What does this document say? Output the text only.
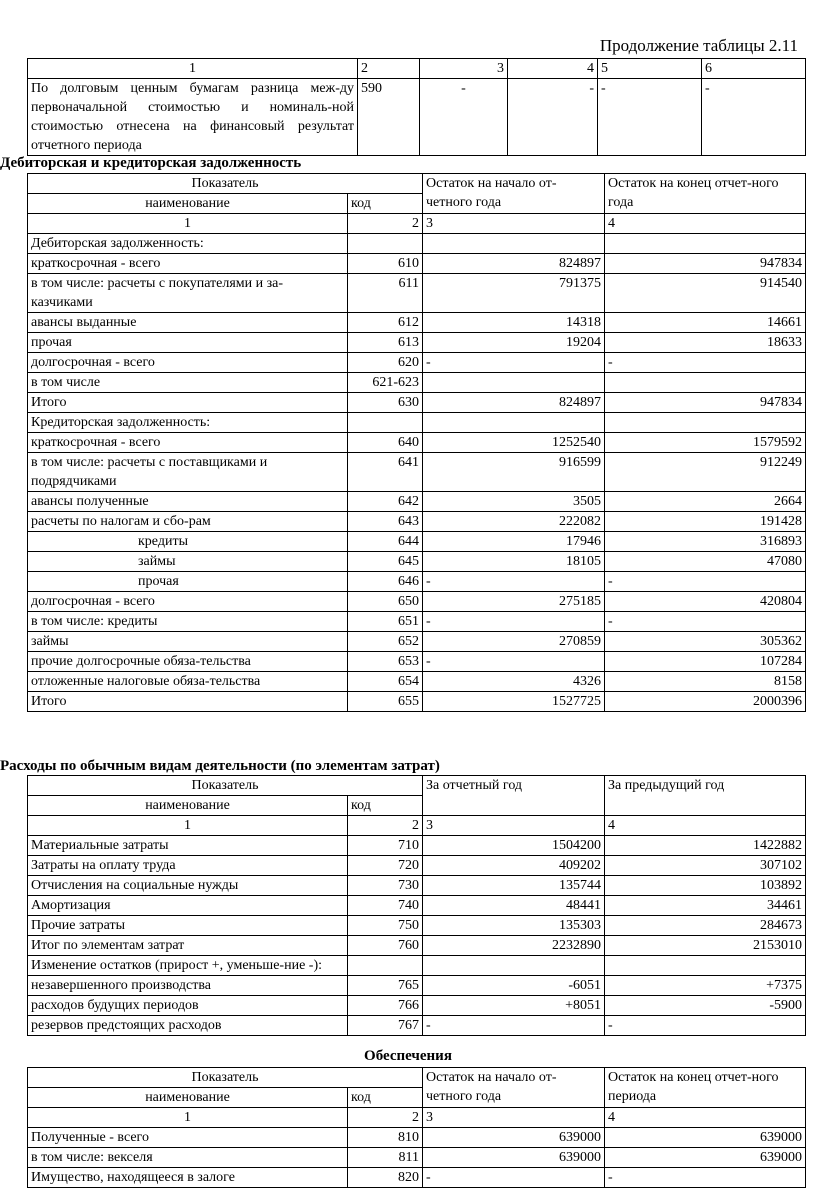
Продолжение таблицы 2.11
1	2	3	4	5	6
По долговым ценным бумагам разница меж-ду первоначальной стоимостью и номиналь-ной стоимостью отнесена на финансовый результат отчетного периода	590	-	-	-	-
Дебиторская и кредиторская задолженность
Показатель		Остаток на начало от-четного года	Остаток на конец отчет-ного года
наименование	код		
1	2	3	4
Дебиторская задолженность:			
краткосрочная - всего	610	824897	947834
в том числе: расчеты с покупателями и за-казчиками	611	791375	914540
авансы выданные	612	14318	14661
прочая	613	19204	18633
долгосрочная - всего	620	-	-
в том числе	621-623		
Итого	630	824897	947834
Кредиторская задолженность:			
краткосрочная - всего	640	1252540	1579592
в том числе: расчеты с поставщиками и подрядчиками	641	916599	912249
авансы полученные	642	3505	2664
расчеты по налогам и сбо-рам	643	222082	191428
кредиты	644	17946	316893
займы	645	18105	47080
прочая	646	-	-
долгосрочная - всего	650	275185	420804
в том числе: кредиты	651	-	-
займы	652	270859	305362
прочие долгосрочные обяза-тельства	653	-	107284
отложенные налоговые обяза-тельства	654	4326	8158
Итого	655	1527725	2000396
Расходы по обычным видам деятельности (по элементам затрат)
Показатель		За отчетный год	За предыдущий год
наименование	код		
1	2	3	4
Материальные затраты	710	1504200	1422882
Затраты на оплату труда	720	409202	307102
Отчисления на социальные нужды	730	135744	103892
Амортизация	740	48441	34461
Прочие затраты	750	135303	284673
Итог по элементам затрат	760	2232890	2153010
Изменение остатков (прирост +, уменьше-ние -):			
незавершенного производства	765	-6051	+7375
расходов будущих периодов	766	+8051	-5900
резервов предстоящих расходов	767	-	-
Обеспечения
Показатель		Остаток на начало от-четного года	Остаток на конец отчет-ного периода
наименование	код		
1	2	3	4
Полученные - всего	810	639000	639000
в том числе: векселя	811	639000	639000
Имущество, находящееся в залоге	820	-	-
